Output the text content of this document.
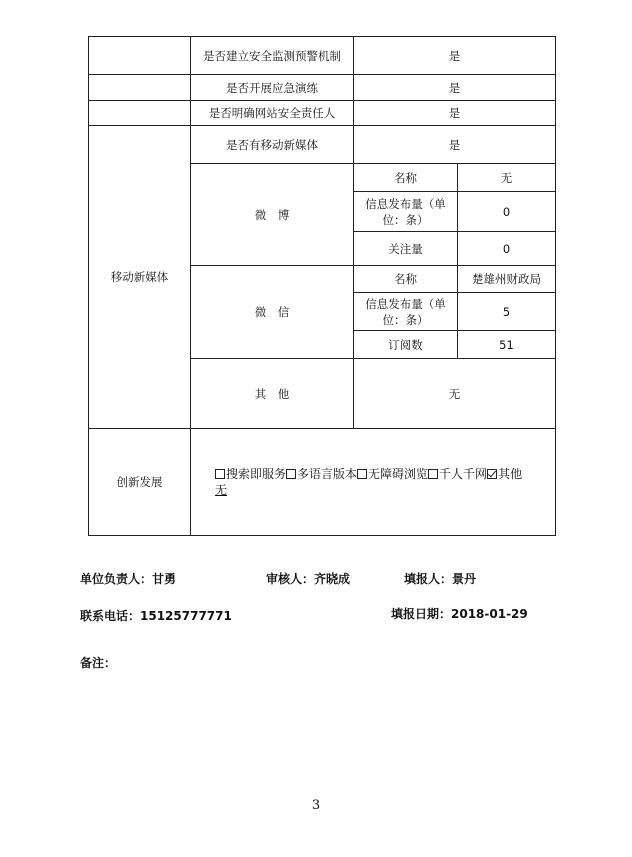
	是否建立安全监测预警机制	是	
	是否开展应急演练	是	
	是否明确网站安全责任人	是	
移动新媒体	是否有移动新媒体	是	
	微　博	名称	无
		信息发布量（单位：条）	0
		关注量	0
	微　信	名称	楚雄州财政局
		信息发布量（单位：条）	5
		订阅数	51
	其　他	无	
创新发展	搜索即服务 多语言版本 无障碍浏览 千人千网 其他
无		
单位负责人：甘勇	审核人：齐晓成	填报人：景丹
联系电话：15125777771	填报日期：2018-01-29
备注：
3
